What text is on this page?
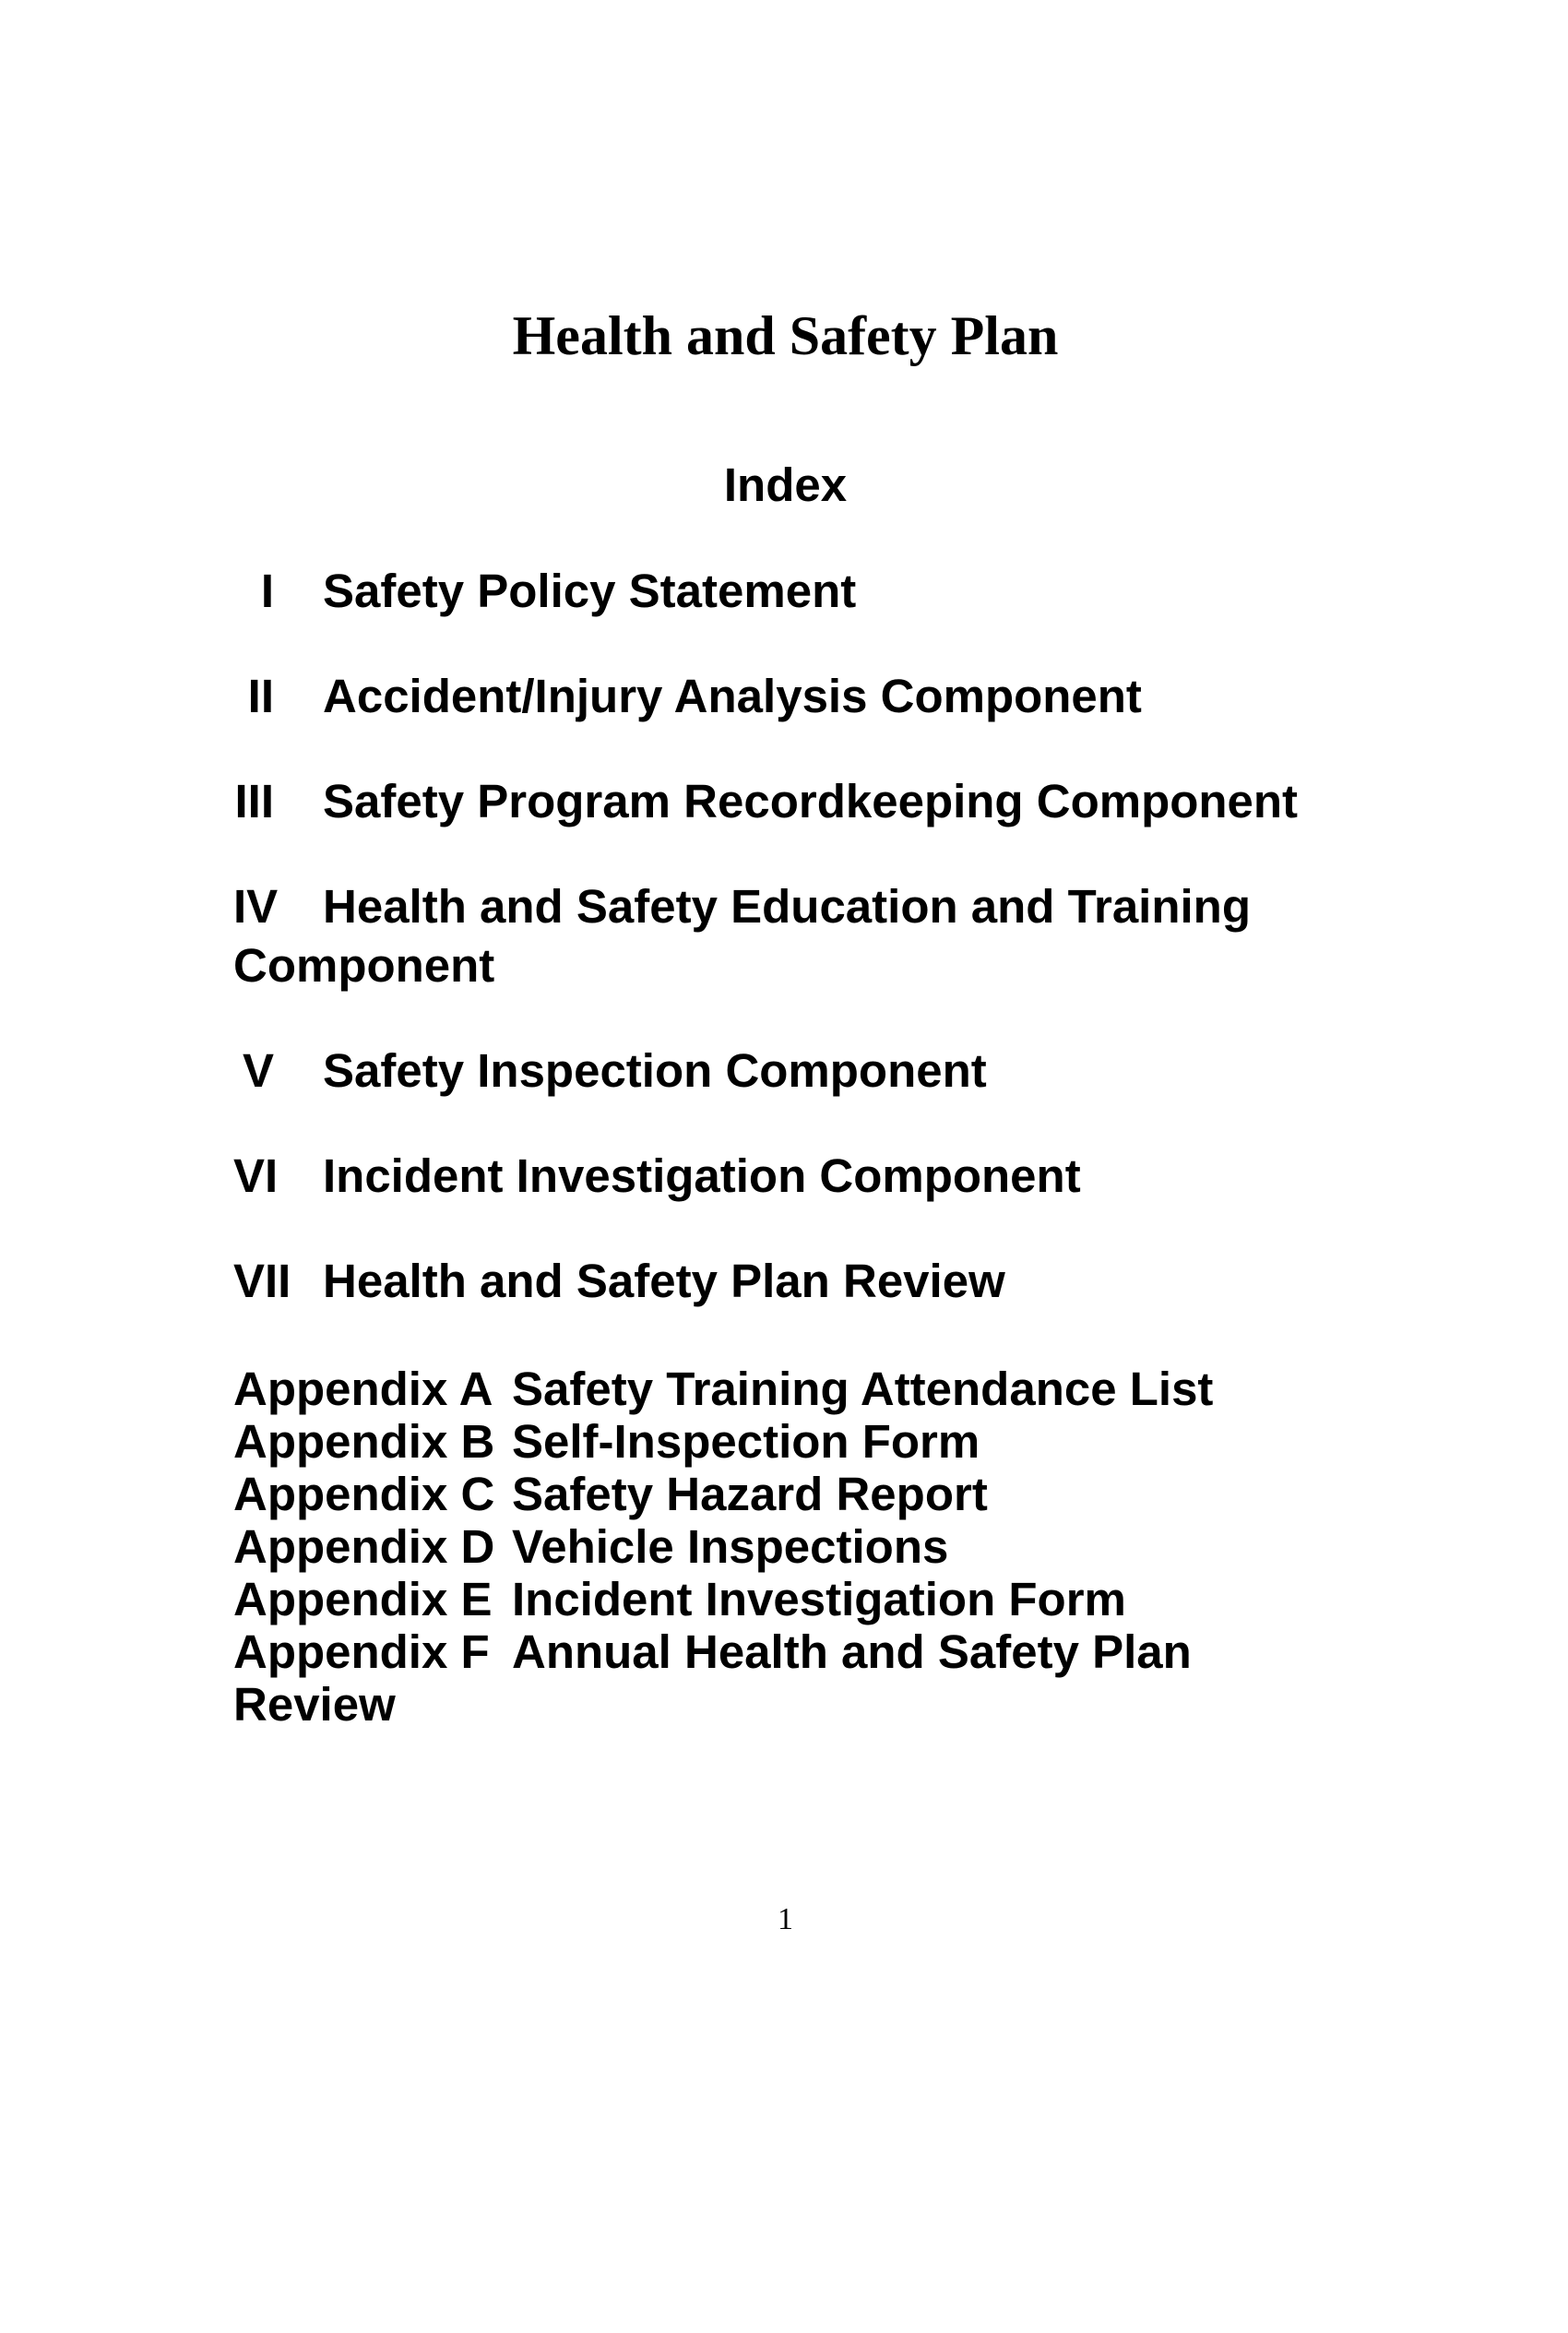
Health and Safety Plan
Index
I Safety Policy Statement
II Accident/Injury Analysis Component
III Safety Program Recordkeeping Component
IV Health and Safety Education and Training Component
V Safety Inspection Component
VI Incident Investigation Component
VII Health and Safety Plan Review
Appendix A Safety Training Attendance List
Appendix B Self-Inspection Form
Appendix C Safety Hazard Report
Appendix D Vehicle Inspections
Appendix E Incident Investigation Form
Appendix F Annual Health and Safety Plan Review
1
